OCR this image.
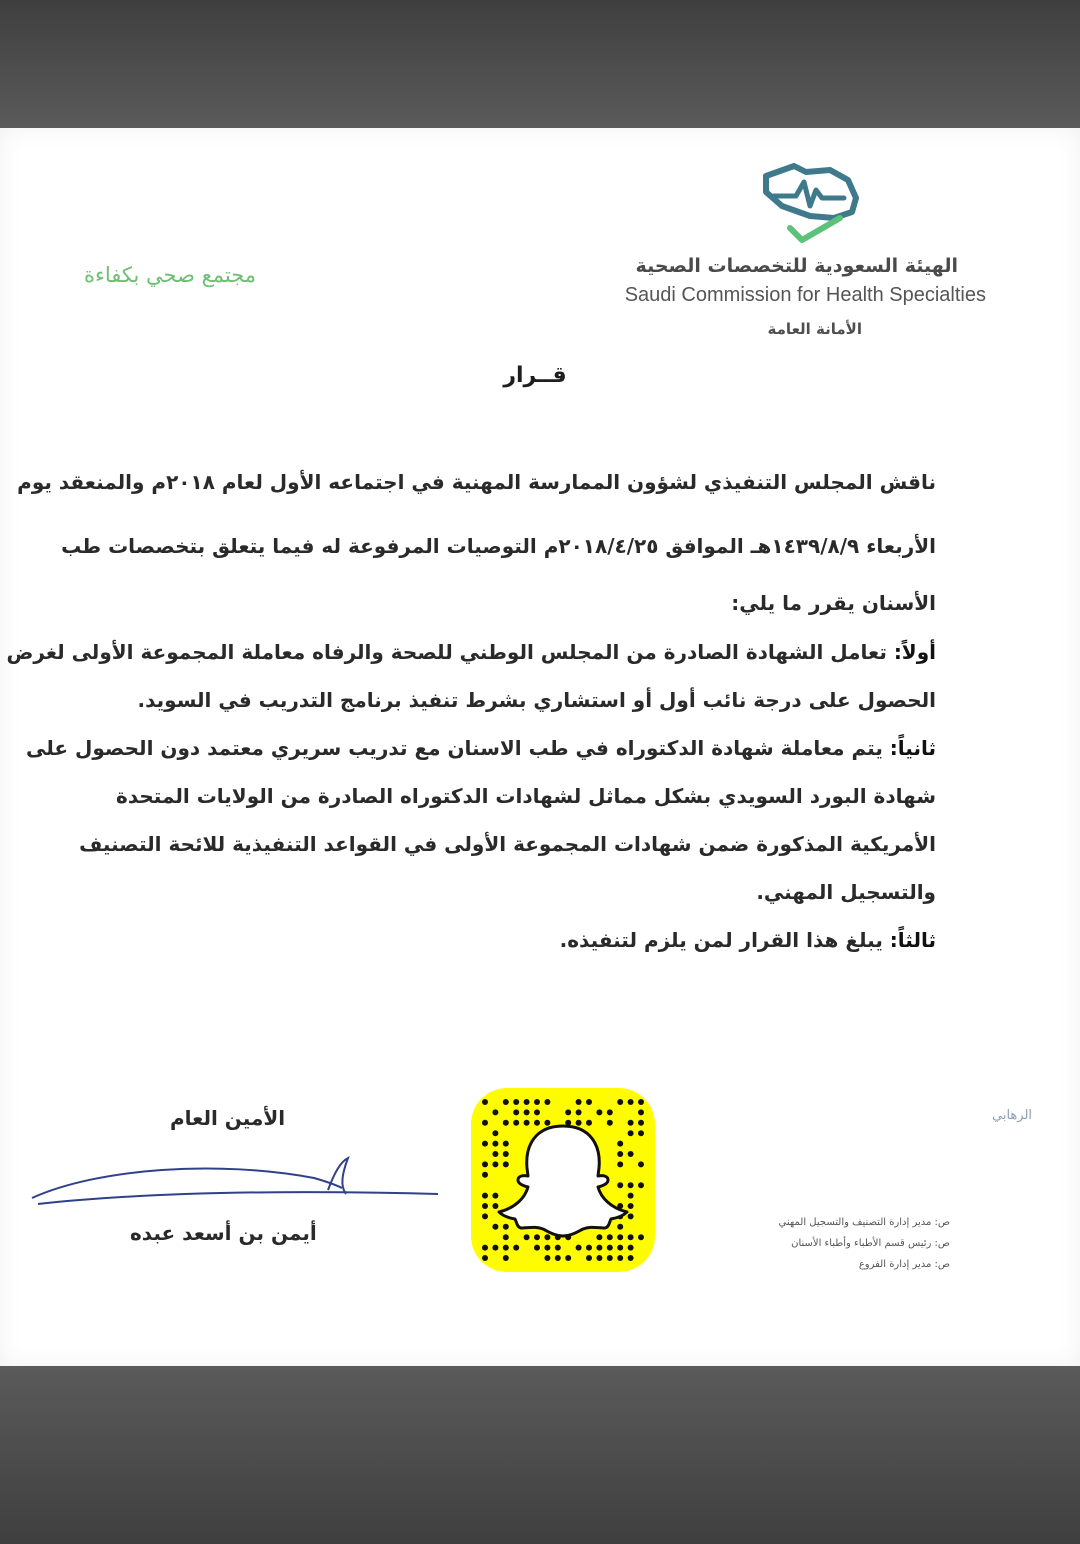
الهيئة السعودية للتخصصات الصحية

Saudi Commission for Health Specialties

الأمانة العامة

مجتمع صحي بكفاءة

قــرار
ناقش المجلس التنفيذي لشؤون الممارسة المهنية في اجتماعه الأول لعام ٢٠١٨م والمنعقد يوم
الأربعاء ١٤٣٩/٨/٩هـ الموافق ٢٠١٨/٤/٢٥م التوصيات المرفوعة له فيما يتعلق بتخصصات طب
الأسنان يقرر ما يلي:
أولاً: تعامل الشهادة الصادرة من المجلس الوطني للصحة والرفاه معاملة المجموعة الأولى لغرض
الحصول على درجة نائب أول أو استشاري بشرط تنفيذ برنامج التدريب في السويد.
ثانياً: يتم معاملة شهادة الدكتوراه في طب الاسنان مع تدريب سريري معتمد دون الحصول على
شهادة البورد السويدي بشكل مماثل لشهادات الدكتوراه الصادرة من الولايات المتحدة
الأمريكية المذكورة ضمن شهادات المجموعة الأولى في القواعد التنفيذية للائحة التصنيف
والتسجيل المهني.
ثالثاً: يبلغ هذا القرار لمن يلزم لتنفيذه.

الأمين العام

أيمن بن أسعد عبده

الرهابي

ص: مدير إدارة التصنيف والتسجيل المهني
ص: رئيس قسم الأطباء وأطباء الأسنان
ص: مدير إدارة الفروع
